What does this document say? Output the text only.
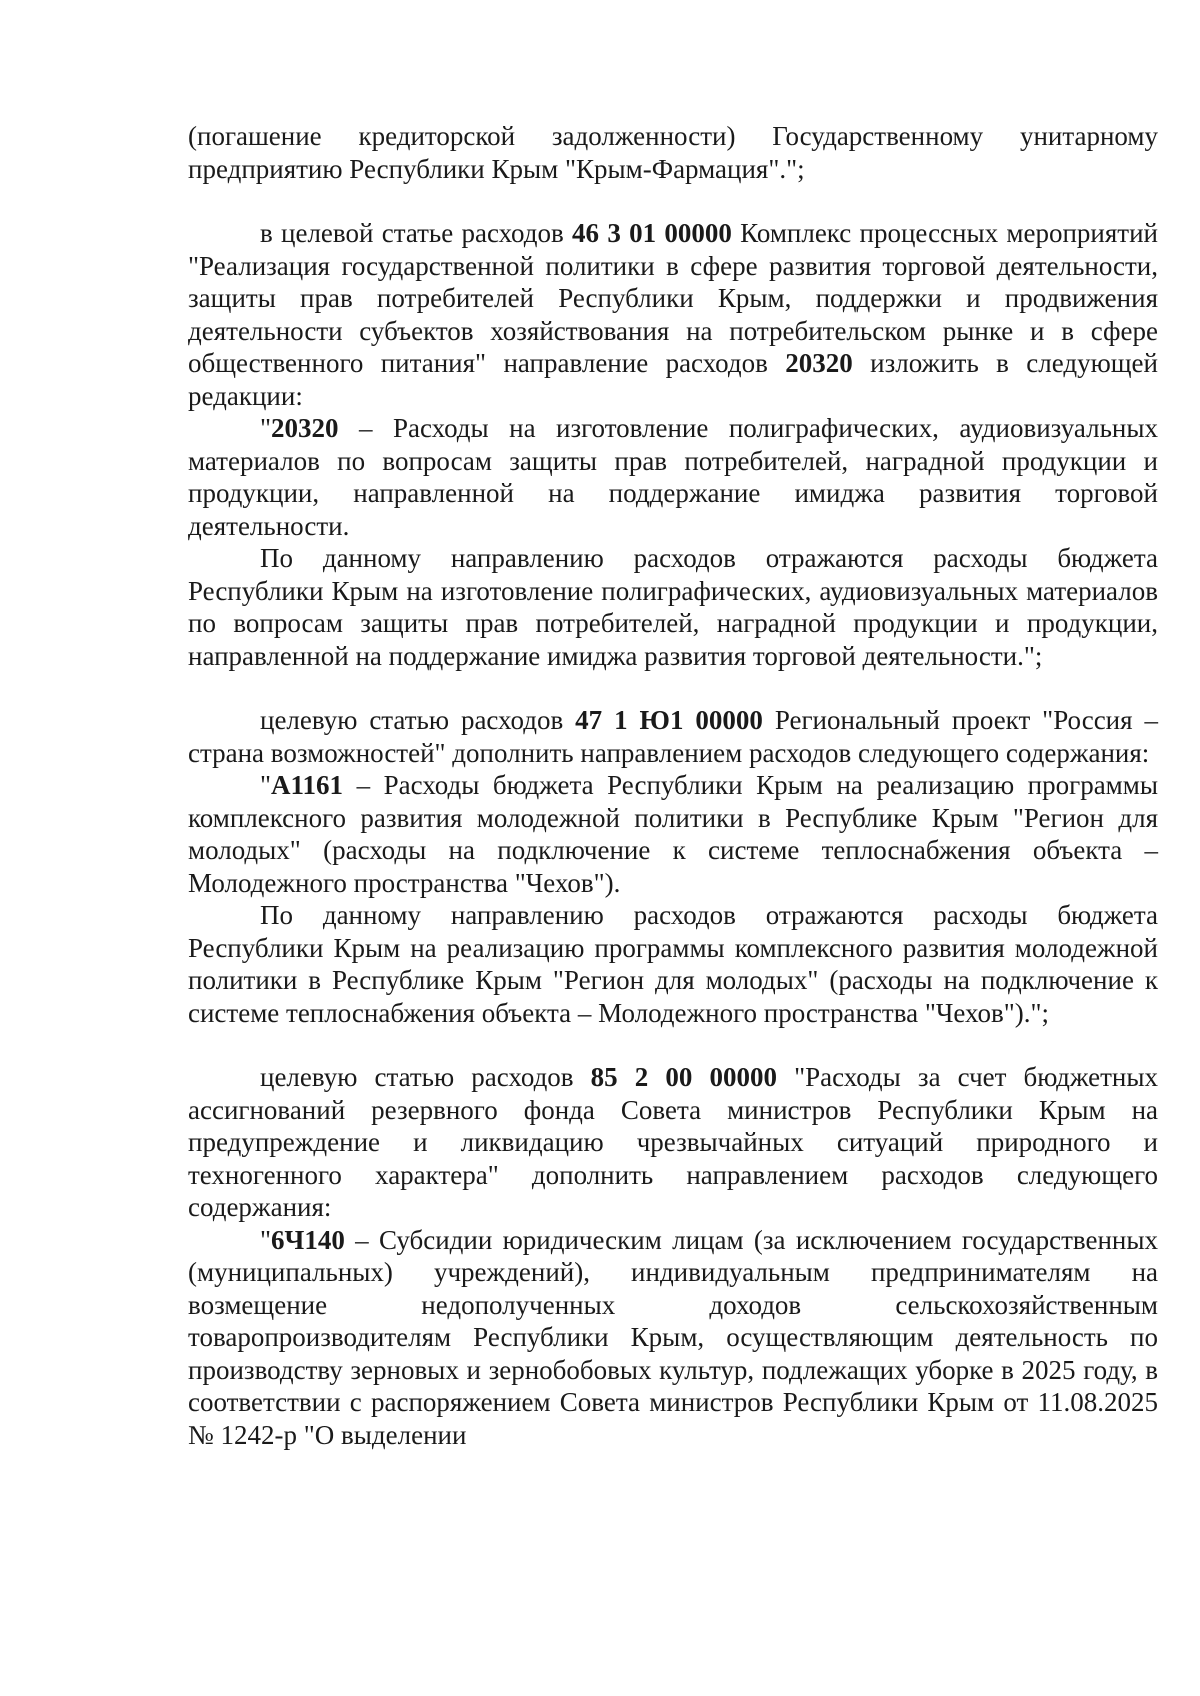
(погашение кредиторской задолженности) Государственному унитарному предприятию Республики Крым "Крым-Фармация".";

в целевой статье расходов 46 3 01 00000 Комплекс процессных мероприятий "Реализация государственной политики в сфере развития торговой деятельности, защиты прав потребителей Республики Крым, поддержки и продвижения деятельности субъектов хозяйствования на потребительском рынке и в сфере общественного питания" направление расходов 20320 изложить в следующей редакции:

"20320 – Расходы на изготовление полиграфических, аудиовизуальных материалов по вопросам защиты прав потребителей, наградной продукции и продукции, направленной на поддержание имиджа развития торговой деятельности.

По данному направлению расходов отражаются расходы бюджета Республики Крым на изготовление полиграфических, аудиовизуальных материалов по вопросам защиты прав потребителей, наградной продукции и продукции, направленной на поддержание имиджа развития торговой деятельности.";

целевую статью расходов 47 1 Ю1 00000 Региональный проект "Россия – страна возможностей" дополнить направлением расходов следующего содержания:

"А1161 – Расходы бюджета Республики Крым на реализацию программы комплексного развития молодежной политики в Республике Крым "Регион для молодых" (расходы на подключение к системе теплоснабжения объекта – Молодежного пространства "Чехов").

По данному направлению расходов отражаются расходы бюджета Республики Крым на реализацию программы комплексного развития молодежной политики в Республике Крым "Регион для молодых" (расходы на подключение к системе теплоснабжения объекта – Молодежного пространства "Чехов").";

целевую статью расходов 85 2 00 00000 "Расходы за счет бюджетных ассигнований резервного фонда Совета министров Республики Крым на предупреждение и ликвидацию чрезвычайных ситуаций природного и техногенного характера" дополнить направлением расходов следующего содержания:

"6Ч140 – Субсидии юридическим лицам (за исключением государственных (муниципальных) учреждений), индивидуальным предпринимателям на возмещение недополученных доходов сельскохозяйственным товаропроизводителям Республики Крым, осуществляющим деятельность по производству зерновых и зернобобовых культур, подлежащих уборке в 2025 году, в соответствии с распоряжением Совета министров Республики Крым от 11.08.2025 № 1242-р "О выделении
